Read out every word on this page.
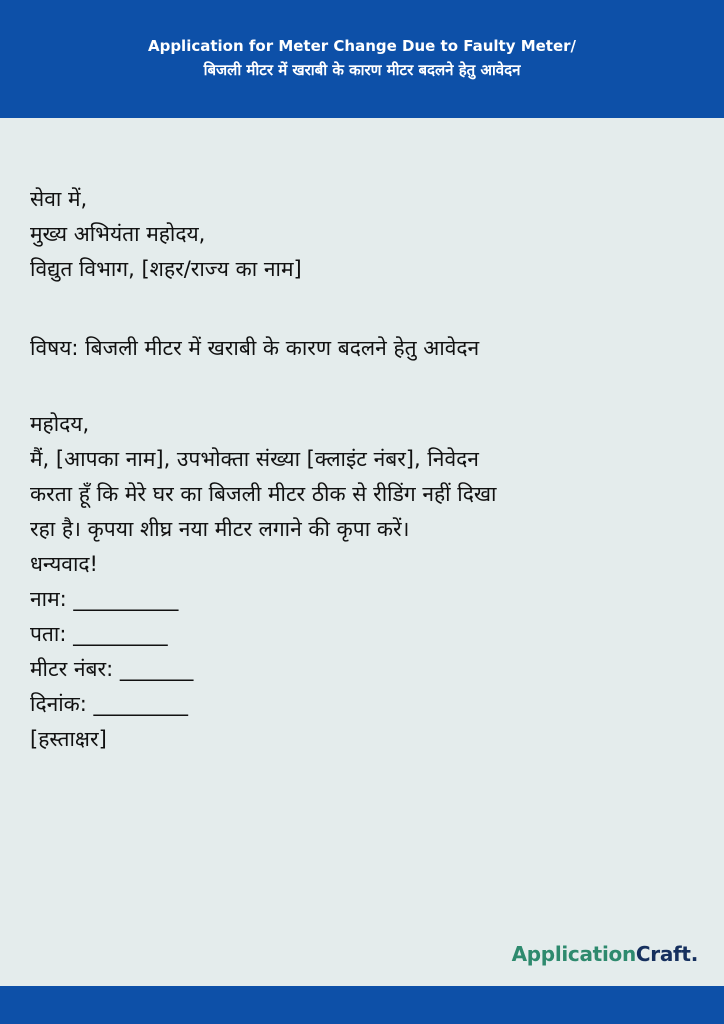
Application for Meter Change Due to Faulty Meter/
बिजली मीटर में खराबी के कारण मीटर बदलने हेतु आवेदन
सेवा में,
मुख्य अभियंता महोदय,
विद्युत विभाग, [शहर/राज्य का नाम]
विषय: बिजली मीटर में खराबी के कारण बदलने हेतु आवेदन
महोदय,
मैं, [आपका नाम], उपभोक्ता संख्या [क्लाइंट नंबर], निवेदन
करता हूँ कि मेरे घर का बिजली मीटर ठीक से रीडिंग नहीं दिखा
रहा है। कृपया शीघ्र नया मीटर लगाने की कृपा करें।
धन्यवाद!
नाम: __________
पता: _________
मीटर नंबर: _______
दिनांक: _________
[हस्ताक्षर]
ApplicationCraft.
